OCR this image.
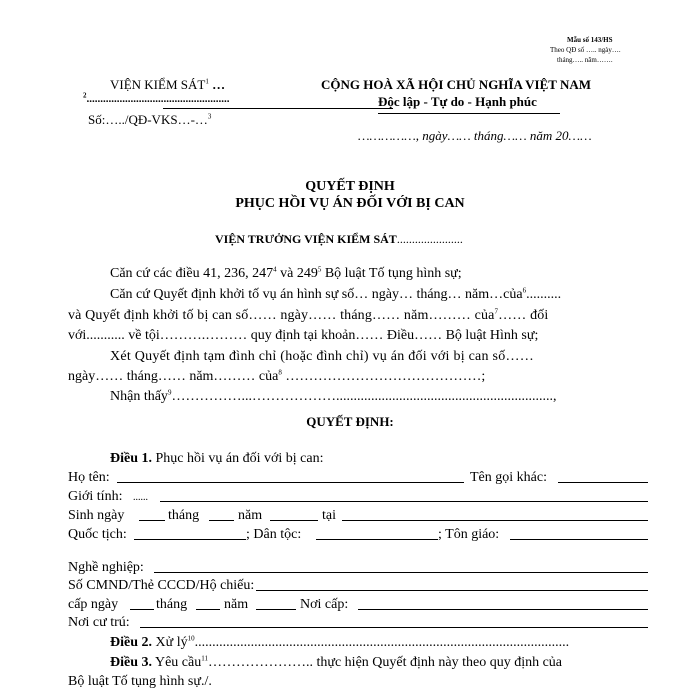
Mẫu số 143/HS
Theo QĐ số ….. ngày….
tháng….. năm…….
VIỆN KIỂM SÁT$^1$ …
$^2$....................................................
Số:…../QĐ-VKS…-…$^3$
CỘNG HOÀ XÃ HỘI CHỦ NGHĨA VIỆT NAM
Độc lập - Tự do - Hạnh phúc
……………, ngày…… tháng…… năm 20……
QUYẾT ĐỊNH
PHỤC HỒI VỤ ÁN ĐỐI VỚI BỊ CAN
VIỆN TRƯỞNG VIỆN KIỂM SÁT......................
Căn cứ các điều 41, 236, $247^4$ và $249^5$ Bộ luật Tố tụng hình sự;
Căn cứ Quyết định khởi tố vụ án hình sự số… ngày… tháng… năm…của$^6$..........
và Quyết định khởi tố bị can số…… ngày…… tháng…… năm……… của$^7$…… đối
với........... về tội……….……… quy định tại khoản…… Điều…… Bộ luật Hình sự;
Xét Quyết định tạm đình chỉ (hoặc đình chỉ) vụ án đối với bị can số……
ngày…… tháng…… năm……… của$^8$ ……………………………………;
Nhận thấy$^9$……………...………………..............................................................,
QUYẾT ĐỊNH:
Điều 1. Phục hồi vụ án đối với bị can:
Họ tên:	Tên gọi khác:
Giới tính: ......
Sinh ngày	tháng	năm	tại
Quốc tịch:	; Dân tộc:	; Tôn giáo:
Nghề nghiệp:
Số CMND/Thẻ CCCD/Hộ chiếu:
cấp ngày	tháng	năm	Nơi cấp:
Nơi cư trú:
Điều 2. Xử $lý^{10}$...........................................................................................................
Điều 3. Yêu cầu$^{11}$………………….. thực hiện Quyết định này theo quy định của
Bộ luật Tố tụng hình sự./.
